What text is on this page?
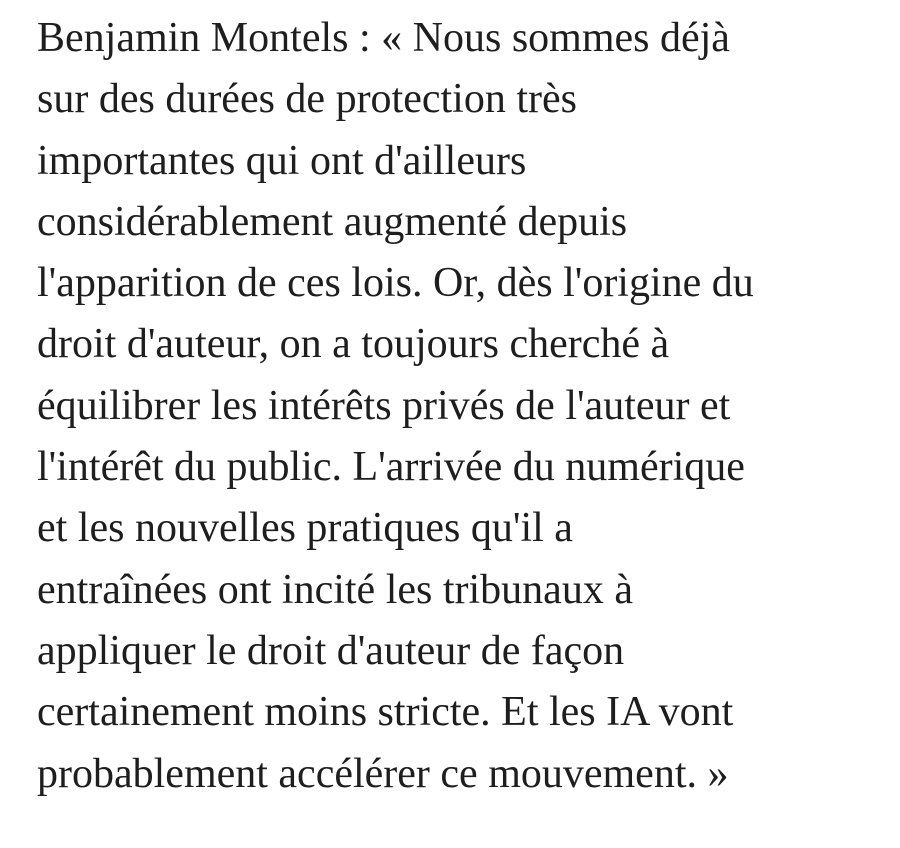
Benjamin Montels : « Nous sommes déjà
sur des durées de protection très
importantes qui ont d'ailleurs
considérablement augmenté depuis
l'apparition de ces lois. Or, dès l'origine du
droit d'auteur, on a toujours cherché à
équilibrer les intérêts privés de l'auteur et
l'intérêt du public. L'arrivée du numérique
et les nouvelles pratiques qu'il a
entraînées ont incité les tribunaux à
appliquer le droit d'auteur de façon
certainement moins stricte. Et les IA vont
probablement accélérer ce mouvement. »
